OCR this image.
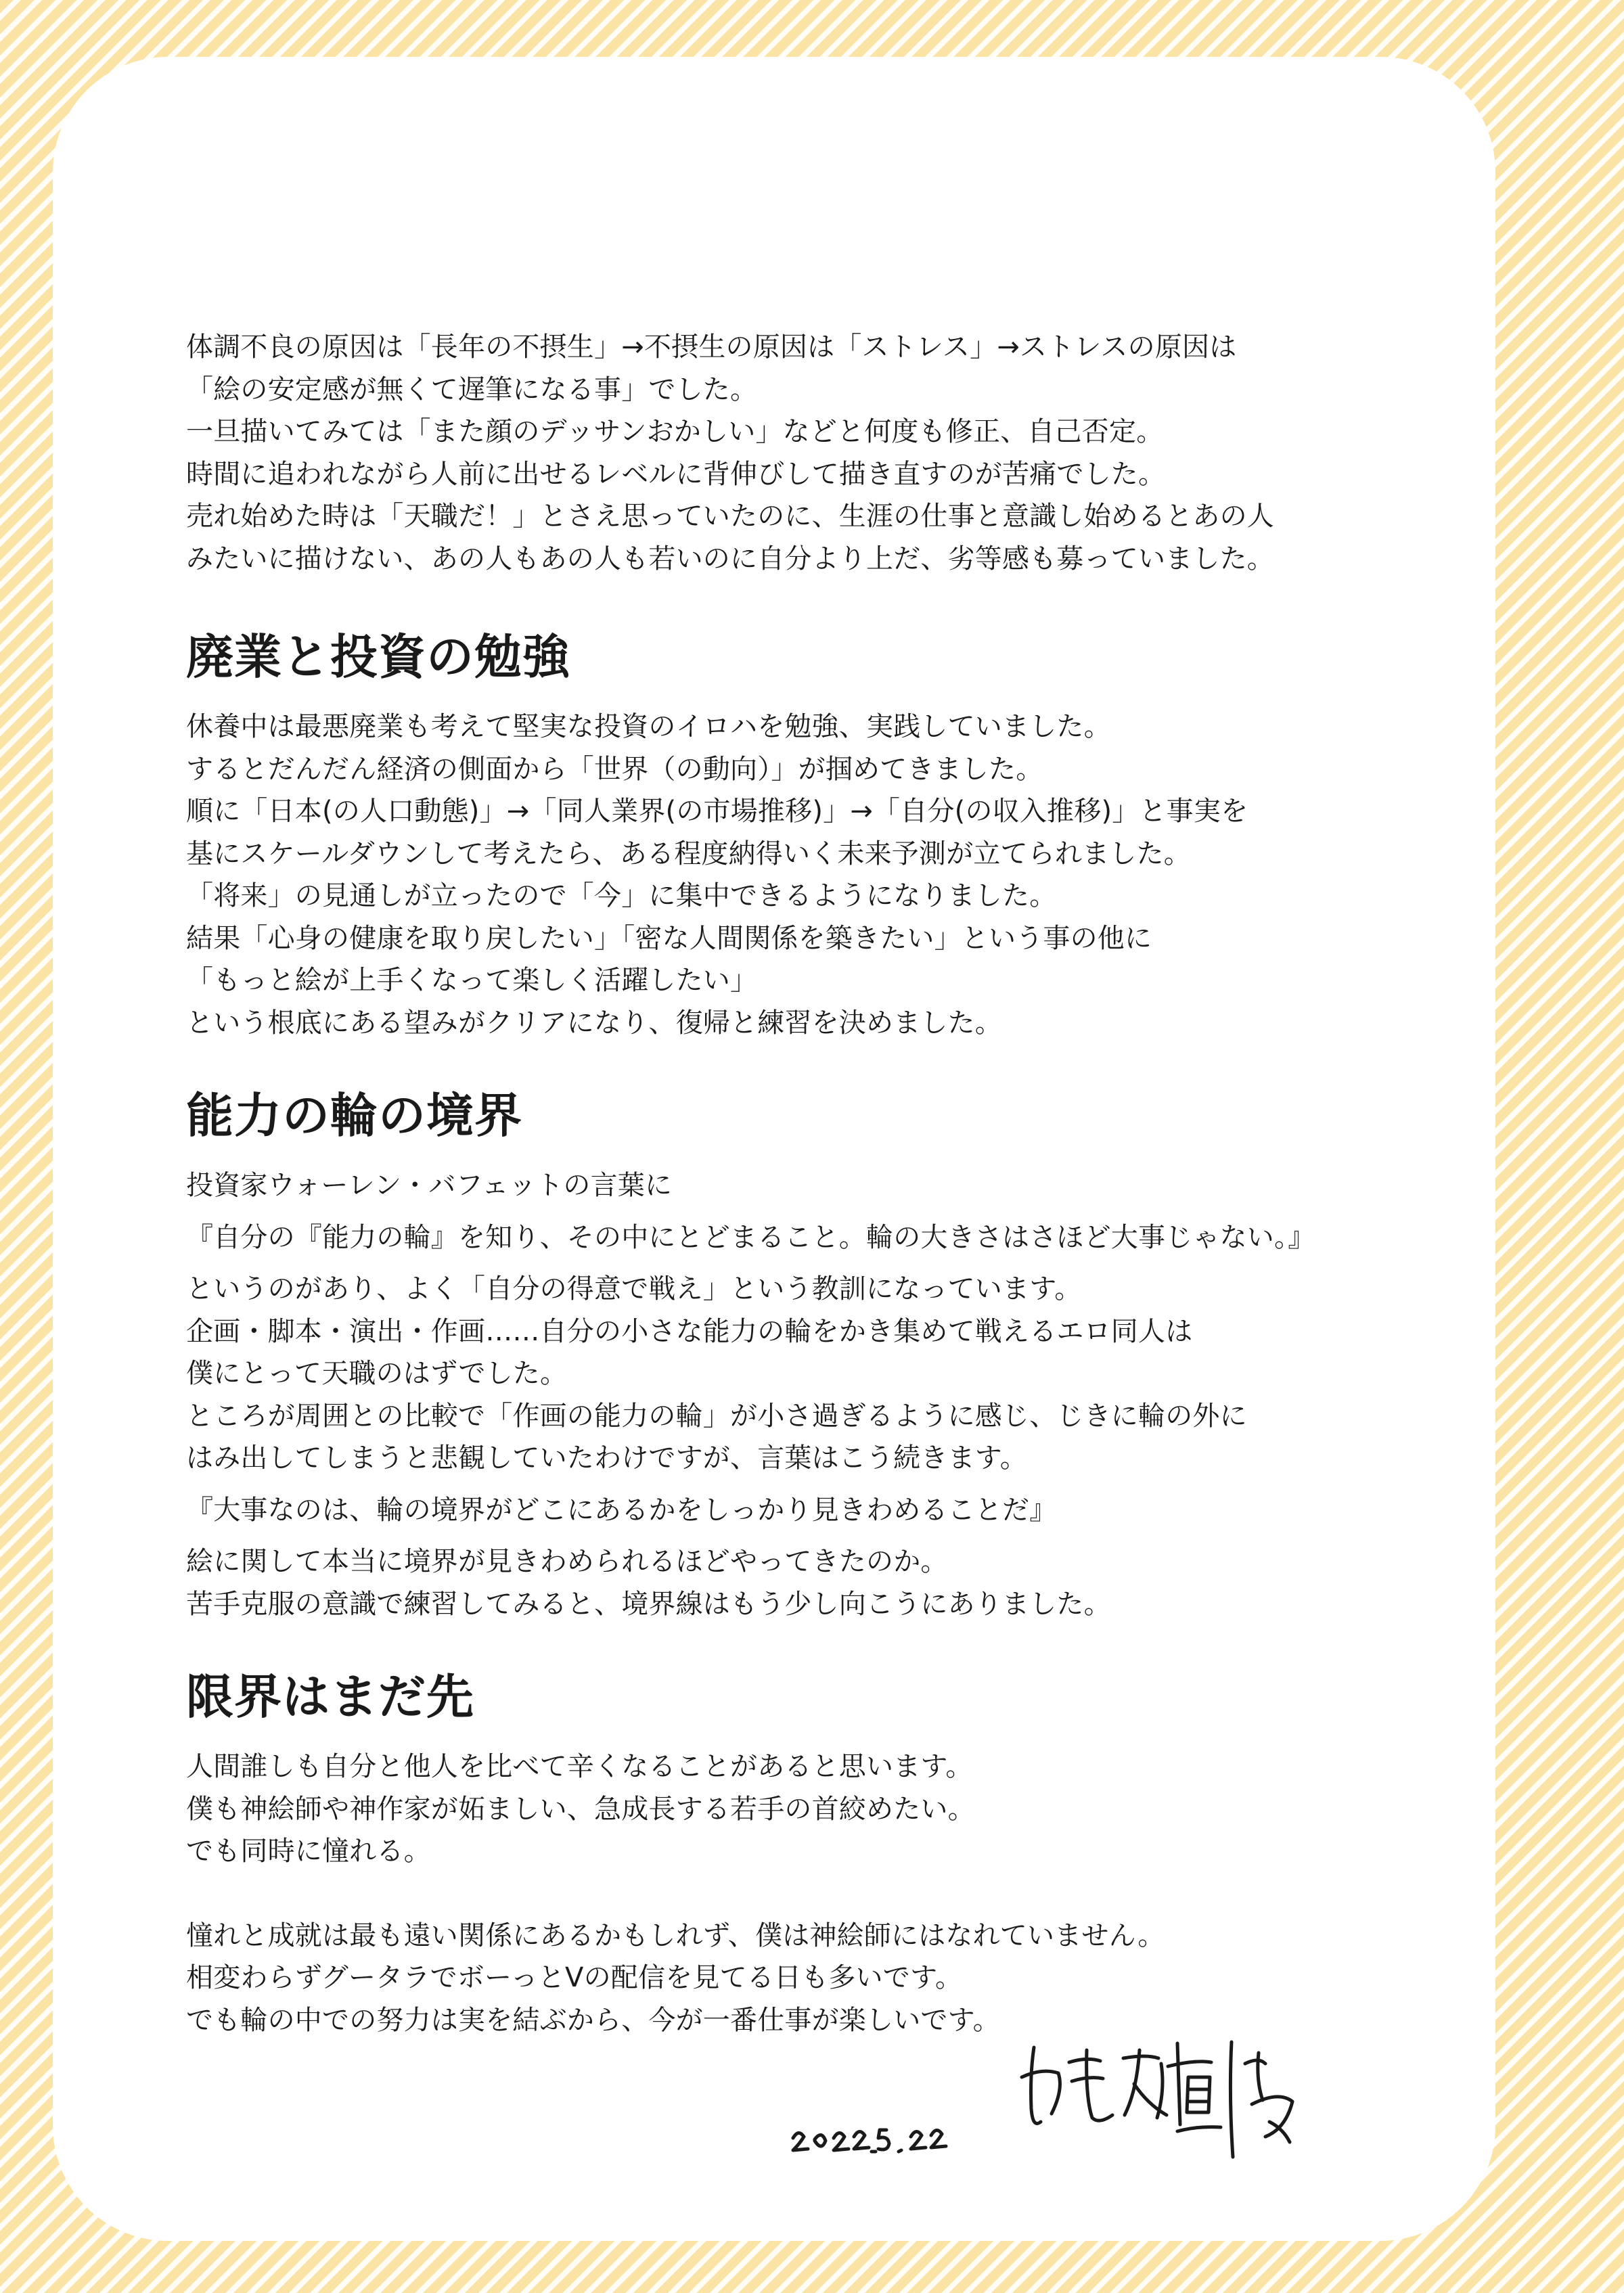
体調不良の原因は「長年の不摂生」→不摂生の原因は「ストレス」→ストレスの原因は
「絵の安定感が無くて遅筆になる事」でした。
一旦描いてみては「また顔のデッサンおかしい」などと何度も修正、自己否定。
時間に追われながら人前に出せるレベルに背伸びして描き直すのが苦痛でした。
売れ始めた時は「天職だ！」とさえ思っていたのに、生涯の仕事と意識し始めるとあの人
みたいに描けない、あの人もあの人も若いのに自分より上だ、劣等感も募っていました。
廃業と投資の勉強
休養中は最悪廃業も考えて堅実な投資のイロハを勉強、実践していました。
するとだんだん経済の側面から「世界（の動向）」が掴めてきました。
順に「日本(の人口動態)」→「同人業界(の市場推移)」→「自分(の収入推移)」と事実を
基にスケールダウンして考えたら、ある程度納得いく未来予測が立てられました。
「将来」の見通しが立ったので「今」に集中できるようになりました。
結果「心身の健康を取り戻したい」「密な人間関係を築きたい」という事の他に
「もっと絵が上手くなって楽しく活躍したい」
という根底にある望みがクリアになり、復帰と練習を決めました。
能力の輪の境界
投資家ウォーレン・バフェットの言葉に
『自分の『能力の輪』を知り、その中にとどまること。輪の大きさはさほど大事じゃない。』
というのがあり、よく「自分の得意で戦え」という教訓になっています。
企画・脚本・演出・作画……自分の小さな能力の輪をかき集めて戦えるエロ同人は
僕にとって天職のはずでした。
ところが周囲との比較で「作画の能力の輪」が小さ過ぎるように感じ、じきに輪の外に
はみ出してしまうと悲観していたわけですが、言葉はこう続きます。
『大事なのは、輪の境界がどこにあるかをしっかり見きわめることだ』
絵に関して本当に境界が見きわめられるほどやってきたのか。
苦手克服の意識で練習してみると、境界線はもう少し向こうにありました。
限界はまだ先
人間誰しも自分と他人を比べて辛くなることがあると思います。
僕も神絵師や神作家が妬ましい、急成長する若手の首絞めたい。
でも同時に憧れる。
憧れと成就は最も遠い関係にあるかもしれず、僕は神絵師にはなれていません。
相変わらずグータラでボーっとVの配信を見てる日も多いです。
でも輪の中での努力は実を結ぶから、今が一番仕事が楽しいです。
